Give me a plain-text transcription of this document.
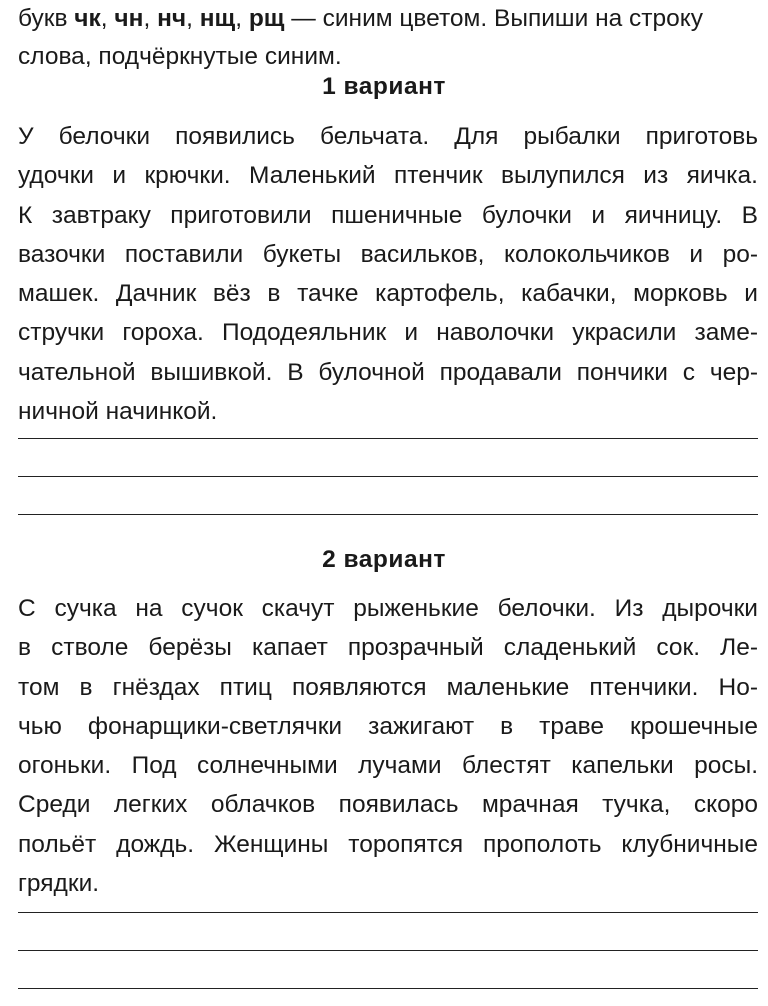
букв чк, чн, нч, нщ, рщ — синим цветом. Выпиши на строку
слова, подчёркнутые синим.

1 вариант

У белочки появились бельчата. Для рыбалки приготовь
удочки и крючки. Маленький птенчик вылупился из яичка.
К завтраку приготовили пшеничные булочки и яичницу. В
вазочки поставили букеты васильков, колокольчиков и ро-
машек. Дачник вёз в тачке картофель, кабачки, морковь и
стручки гороха. Пододеяльник и наволочки украсили заме-
чательной вышивкой. В булочной продавали пончики с чер-
ничной начинкой.

2 вариант

С сучка на сучок скачут рыженькие белочки. Из дырочки
в стволе берёзы капает прозрачный сладенький сок. Ле-
том в гнёздах птиц появляются маленькие птенчики. Но-
чью фонарщики-светлячки зажигают в траве крошечные
огоньки. Под солнечными лучами блестят капельки росы.
Среди легких облачков появилась мрачная тучка, скоро
польёт дождь. Женщины торопятся прополоть клубничные
грядки.
